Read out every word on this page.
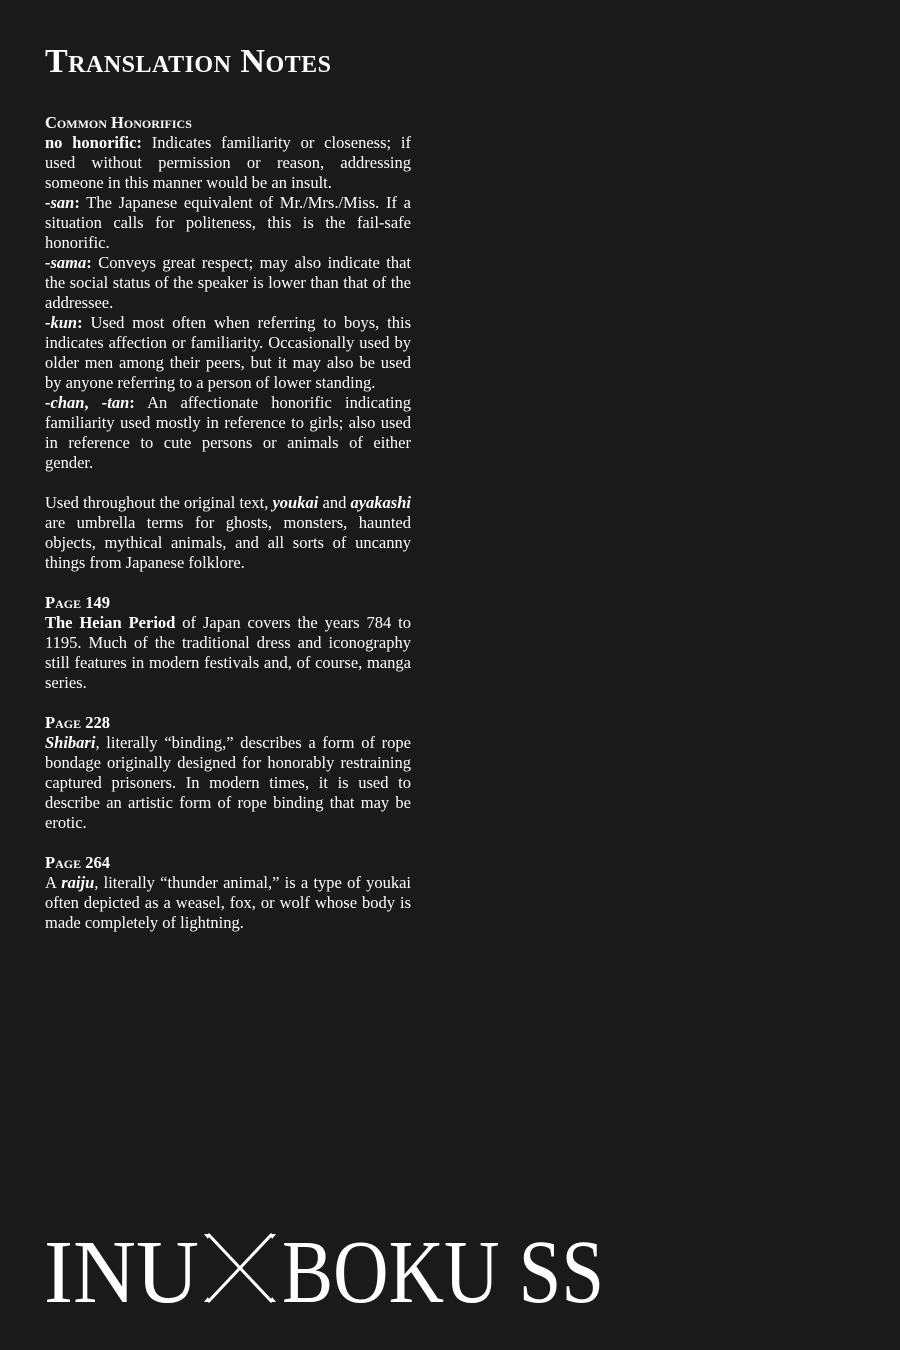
Translation Notes

Common Honorifics

no honorific: Indicates familiarity or closeness; if used without permission or reason, addressing someone in this manner would be an insult.

-san: The Japanese equivalent of Mr./Mrs./Miss. If a situation calls for politeness, this is the fail-safe honorific.

-sama: Conveys great respect; may also indicate that the social status of the speaker is lower than that of the addressee.

-kun: Used most often when referring to boys, this indicates affection or familiarity. Occasionally used by older men among their peers, but it may also be used by anyone referring to a person of lower standing.

-chan, -tan: An affectionate honorific indicating familiarity used mostly in reference to girls; also used in reference to cute persons or animals of either gender.

Used throughout the original text, youkai and ayakashi are umbrella terms for ghosts, monsters, haunted objects, mythical animals, and all sorts of uncanny things from Japanese folklore.

Page 149

The Heian Period of Japan covers the years 784 to 1195. Much of the traditional dress and iconography still features in modern festivals and, of course, manga series.

Page 228

Shibari, literally “binding,” describes a form of rope bondage originally designed for honorably restraining captured prisoners. In modern times, it is used to describe an artistic form of rope binding that may be erotic.

Page 264

A raiju, literally “thunder animal,” is a type of youkai often depicted as a weasel, fox, or wolf whose body is made completely of lightning.

INU BOKU SS
